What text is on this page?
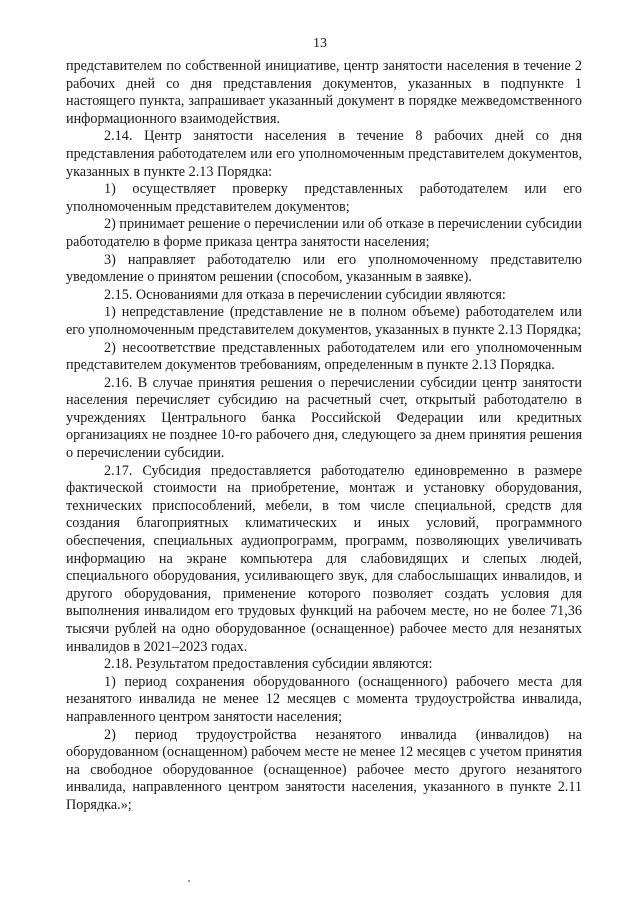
13

представителем по собственной инициативе, центр занятости населения в течение 2 рабочих дней со дня представления документов, указанных в подпункте 1 настоящего пункта, запрашивает указанный документ в порядке межведомственного информационного взаимодействия.

2.14. Центр занятости населения в течение 8 рабочих дней со дня представления работодателем или его уполномоченным представителем документов, указанных в пункте 2.13 Порядка:

1) осуществляет проверку представленных работодателем или его уполномоченным представителем документов;

2) принимает решение о перечислении или об отказе в перечислении субсидии работодателю в форме приказа центра занятости населения;

3) направляет работодателю или его уполномоченному представителю уведомление о принятом решении (способом, указанным в заявке).

2.15. Основаниями для отказа в перечислении субсидии являются:

1) непредставление (представление не в полном объеме) работодателем или его уполномоченным представителем документов, указанных в пункте 2.13 Порядка;

2) несоответствие представленных работодателем или его уполномоченным представителем документов требованиям, определенным в пункте 2.13 Порядка.

2.16. В случае принятия решения о перечислении субсидии центр занятости населения перечисляет субсидию на расчетный счет, открытый работодателю в учреждениях Центрального банка Российской Федерации или кредитных организациях не позднее 10-го рабочего дня, следующего за днем принятия решения о перечислении субсидии.

2.17. Субсидия предоставляется работодателю единовременно в размере фактической стоимости на приобретение, монтаж и установку оборудования, технических приспособлений, мебели, в том числе специальной, средств для создания благоприятных климатических и иных условий, программного обеспечения, специальных аудиопрограмм, программ, позволяющих увеличивать информацию на экране компьютера для слабовидящих и слепых людей, специального оборудования, усиливающего звук, для слабослышащих инвалидов, и другого оборудования, применение которого позволяет создать условия для выполнения инвалидом его трудовых функций на рабочем месте, но не более 71,36 тысячи рублей на одно оборудованное (оснащенное) рабочее место для незанятых инвалидов в 2021–2023 годах.

2.18. Результатом предоставления субсидии являются:

1) период сохранения оборудованного (оснащенного) рабочего места для незанятого инвалида не менее 12 месяцев с момента трудоустройства инвалида, направленного центром занятости населения;

2) период трудоустройства незанятого инвалида (инвалидов) на оборудованном (оснащенном) рабочем месте не менее 12 месяцев с учетом принятия на свободное оборудованное (оснащенное) рабочее место другого незанятого инвалида, направленного центром занятости населения, указанного в пункте 2.11 Порядка.»;
